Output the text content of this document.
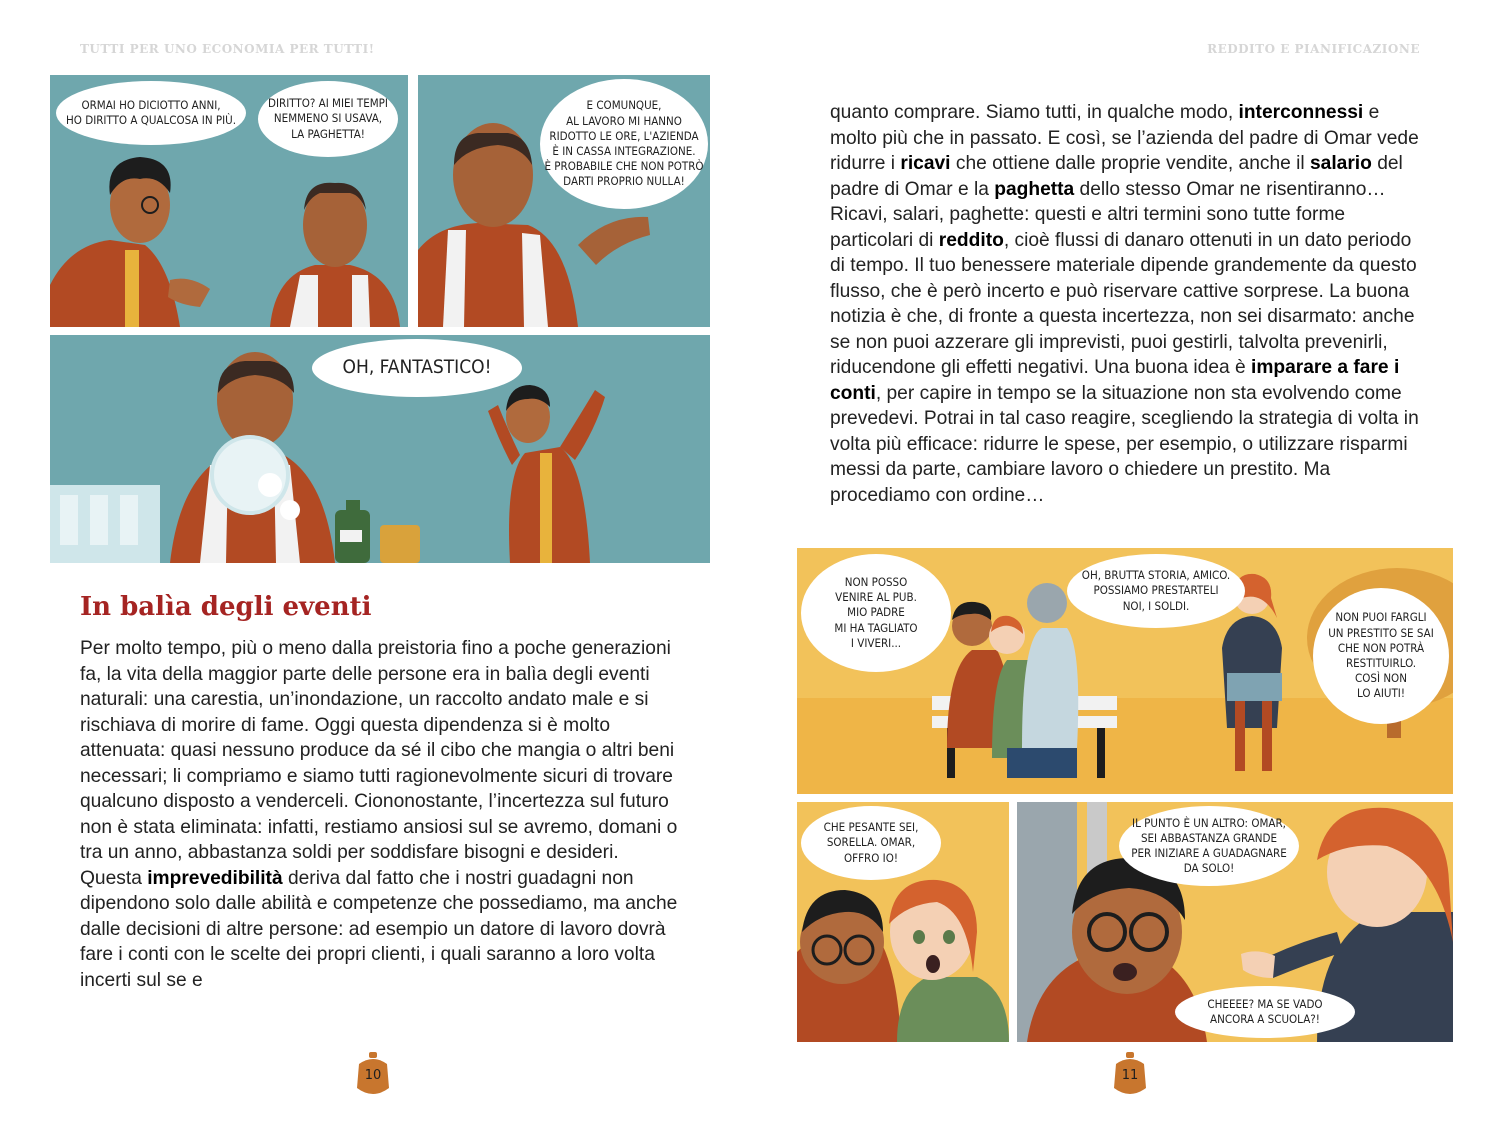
TUTTI PER UNO ECONOMIA PER TUTTI!	REDDITO E PIANIFICAZIONE
ORMAI HO DICIOTTO ANNI,
HO DIRITTO A QUALCOSA IN PIÙ.
DIRITTO? AI MIEI TEMPI
NEMMENO SI USAVA,
LA PAGHETTA!
E COMUNQUE,
AL LAVORO MI HANNO
RIDOTTO LE ORE, L'AZIENDA
È IN CASSA INTEGRAZIONE.
È PROBABILE CHE NON POTRÒ
DARTI PROPRIO NULLA!
OH, FANTASTICO!
In balìa degli eventi

Per molto tempo, più o meno dalla preistoria fino a poche generazioni fa, la vita della maggior parte delle persone era in balìa degli eventi naturali: una carestia, un’inondazione, un raccolto andato male e si rischiava di morire di fame. Oggi questa dipendenza si è molto attenuata: quasi nessuno produce da sé il cibo che mangia o altri beni necessari; li compriamo e siamo tutti ragionevolmente sicuri di trovare qualcuno disposto a venderceli. Ciononostante, l’incertezza sul futuro non è stata eliminata: infatti, restiamo ansiosi sul se avremo, domani o tra un anno, abbastanza soldi per soddisfare bisogni e desideri. Questa imprevedibilità deriva dal fatto che i nostri guadagni non dipendono solo dalle abilità e competenze che possediamo, ma anche dalle decisioni di altre persone: ad esempio un datore di lavoro dovrà fare i conti con le scelte dei propri clienti, i quali saranno a loro volta incerti sul se e

quanto comprare. Siamo tutti, in qualche modo, interconnessi e molto più che in passato. E così, se l’azienda del padre di Omar vede ridurre i ricavi che ottiene dalle proprie vendite, anche il salario del padre di Omar e la paghetta dello stesso Omar ne risentiranno… Ricavi, salari, paghette: questi e altri termini sono tutte forme particolari di reddito, cioè flussi di danaro ottenuti in un dato periodo di tempo. Il tuo benessere materiale dipende grandemente da questo flusso, che è però incerto e può riservare cattive sorprese. La buona notizia è che, di fronte a questa incertezza, non sei disarmato: anche se non puoi azzerare gli imprevisti, puoi gestirli, talvolta prevenirli, riducendone gli effetti negativi. Una buona idea è imparare a fare i conti, per capire in tempo se la situazione non sta evolvendo come prevedevi. Potrai in tal caso reagire, scegliendo la strategia di volta in volta più efficace: ridurre le spese, per esempio, o utilizzare risparmi messi da parte, cambiare lavoro o chiedere un prestito. Ma procediamo con ordine…

NON POSSO
VENIRE AL PUB.
MIO PADRE
MI HA TAGLIATO
I VIVERI...
OH, BRUTTA STORIA, AMICO.
POSSIAMO PRESTARTELI
NOI, I SOLDI.
NON PUOI FARGLI
UN PRESTITO SE SAI
CHE NON POTRÀ
RESTITUIRLO.
COSÌ NON
LO AIUTI!
CHE PESANTE SEI,
SORELLA. OMAR,
OFFRO IO!
IL PUNTO È UN ALTRO: OMAR,
SEI ABBASTANZA GRANDE
PER INIZIARE A GUADAGNARE
DA SOLO!
CHEEEE? MA SE VADO
ANCORA A SCUOLA?!
10	11
